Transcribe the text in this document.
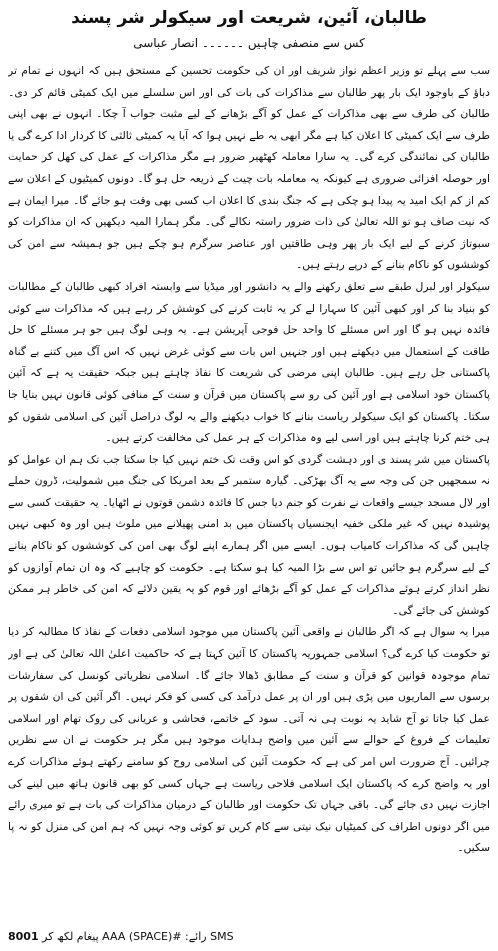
طالبان، آئین، شریعت اور سیکولر شر پسند
کس سے منصفی چاہیں ۔۔۔۔۔۔ انصار عباسی

سب سے پہلے تو وزیر اعظم نواز شریف اور ان کی حکومت تحسین کے مستحق ہیں کہ انہوں نے تمام تر دباؤ کے باوجود ایک بار پھر طالبان سے مذاکرات کی بات کی اور اس سلسلے میں ایک کمیٹی قائم کر دی۔ طالبان کی طرف سے بھی مذاکرات کے عمل کو آگے بڑھانے کے لیے مثبت جواب آ چکا۔ انہوں نے بھی اپنی طرف سے ایک کمیٹی کا اعلان کیا ہے مگر ابھی یہ طے نہیں ہوا کہ آیا یہ کمیٹی ثالثی کا کردار ادا کرے گی یا طالبان کی نمائندگی کرے گی۔ یہ سارا معاملہ کھٹھیر ضرور ہے مگر مذاکرات کے عمل کی کھل کر حمایت اور حوصلہ افزائی ضروری ہے کیونکہ یہ معاملہ بات چیت کے ذریعہ حل ہو گا۔ دونوں کمیٹیوں کے اعلان سے کم از کم ایک امید یہ پیدا ہو چکی ہے کہ جنگ بندی کا اعلان اب کسی بھی وقت ہو جائے گا۔ میرا ایمان ہے کہ نیت صاف ہو تو اللہ تعالیٰ کی ذات ضرور راستہ نکالے گی۔ مگر ہمارا المیہ دیکھیں کہ ان مذاکرات کو سبوتاژ کرنے کے لیے ایک بار پھر وہی طاقتیں اور عناصر سرگرم ہو چکے ہیں جو ہمیشہ سے امن کی کوششوں کو ناکام بنانے کے درپے رہتے ہیں۔

سیکولر اور لبرل طبقے سے تعلق رکھنے والے یہ دانشور اور میڈیا سے وابستہ افراد کبھی طالبان کے مطالبات کو بنیاد بنا کر اور کبھی آئین کا سہارا لے کر یہ ثابت کرنے کی کوشش کر رہے ہیں کہ مذاکرات سے کوئی فائدہ نہیں ہو گا اور اس مسئلے کا واحد حل فوجی آپریشن ہے۔ یہ وہی لوگ ہیں جو ہر مسئلے کا حل طاقت کے استعمال میں دیکھتے ہیں اور جنہیں اس بات سے کوئی غرض نہیں کہ اس آگ میں کتنے بے گناہ پاکستانی جل رہے ہیں۔ طالبان اپنی مرضی کی شریعت کا نفاذ چاہتے ہیں جبکہ حقیقت یہ ہے کہ آئین پاکستان خود اسلامی ہے اور آئین کی رو سے پاکستان میں قرآن و سنت کے منافی کوئی قانون نہیں بنایا جا سکتا۔ پاکستان کو ایک سیکولر ریاست بنانے کا خواب دیکھنے والے یہ لوگ دراصل آئین کی اسلامی شقوں کو ہی ختم کرنا چاہتے ہیں اور اسی لیے وہ مذاکرات کے ہر عمل کی مخالفت کرتے ہیں۔

پاکستان میں شر پسند ی اور دہشت گردی کو اس وقت تک ختم نہیں کیا جا سکتا جب تک ہم ان عوامل کو نہ سمجھیں جن کی وجہ سے یہ آگ بھڑکی۔ گیارہ ستمبر کے بعد امریکا کی جنگ میں شمولیت، ڈرون حملے اور لال مسجد جیسے واقعات نے نفرت کو جنم دیا جس کا فائدہ دشمن قوتوں نے اٹھایا۔ یہ حقیقت کسی سے پوشیدہ نہیں کہ غیر ملکی خفیہ ایجنسیاں پاکستان میں بد امنی پھیلانے میں ملوث ہیں اور وہ کبھی نہیں چاہیں گی کہ مذاکرات کامیاب ہوں۔ ایسے میں اگر ہمارے اپنے لوگ بھی امن کی کوششوں کو ناکام بنانے کے لیے سرگرم ہو جائیں تو اس سے بڑا المیہ کیا ہو سکتا ہے۔ حکومت کو چاہیے کہ وہ ان تمام آوازوں کو نظر انداز کرتے ہوئے مذاکرات کے عمل کو آگے بڑھائے اور قوم کو یہ یقین دلائے کہ امن کی خاطر ہر ممکن کوشش کی جائے گی۔

میرا یہ سوال ہے کہ اگر طالبان نے واقعی آئین پاکستان میں موجود اسلامی دفعات کے نفاذ کا مطالبہ کر دیا تو حکومت کیا کرے گی؟ اسلامی جمہوریہ پاکستان کا آئین کہتا ہے کہ حاکمیت اعلیٰ اللہ تعالیٰ کی ہے اور تمام موجودہ قوانین کو قرآن و سنت کے مطابق ڈھالا جائے گا۔ اسلامی نظریاتی کونسل کی سفارشات برسوں سے الماریوں میں پڑی ہیں اور ان پر عمل درآمد کی کسی کو فکر نہیں۔ اگر آئین کی ان شقوں پر عمل کیا جاتا تو آج شاید یہ نوبت ہی نہ آتی۔ سود کے خاتمے، فحاشی و عریانی کی روک تھام اور اسلامی تعلیمات کے فروغ کے حوالے سے آئین میں واضح ہدایات موجود ہیں مگر ہر حکومت نے ان سے نظریں چرائیں۔ آج ضرورت اس امر کی ہے کہ حکومت آئین کی اسلامی روح کو سامنے رکھتے ہوئے مذاکرات کرے اور یہ واضح کرے کہ پاکستان ایک اسلامی فلاحی ریاست ہے جہاں کسی کو بھی قانون ہاتھ میں لینے کی اجازت نہیں دی جائے گی۔ باقی جہاں تک حکومت اور طالبان کے درمیان مذاکرات کی بات ہے تو میری رائے میں اگر دونوں اطراف کی کمیٹیاں نیک نیتی سے کام کریں تو کوئی وجہ نہیں کہ ہم امن کی منزل کو نہ پا سکیں۔

SMS رائے: #AAA (SPACE) پیغام لکھ کر 8001
